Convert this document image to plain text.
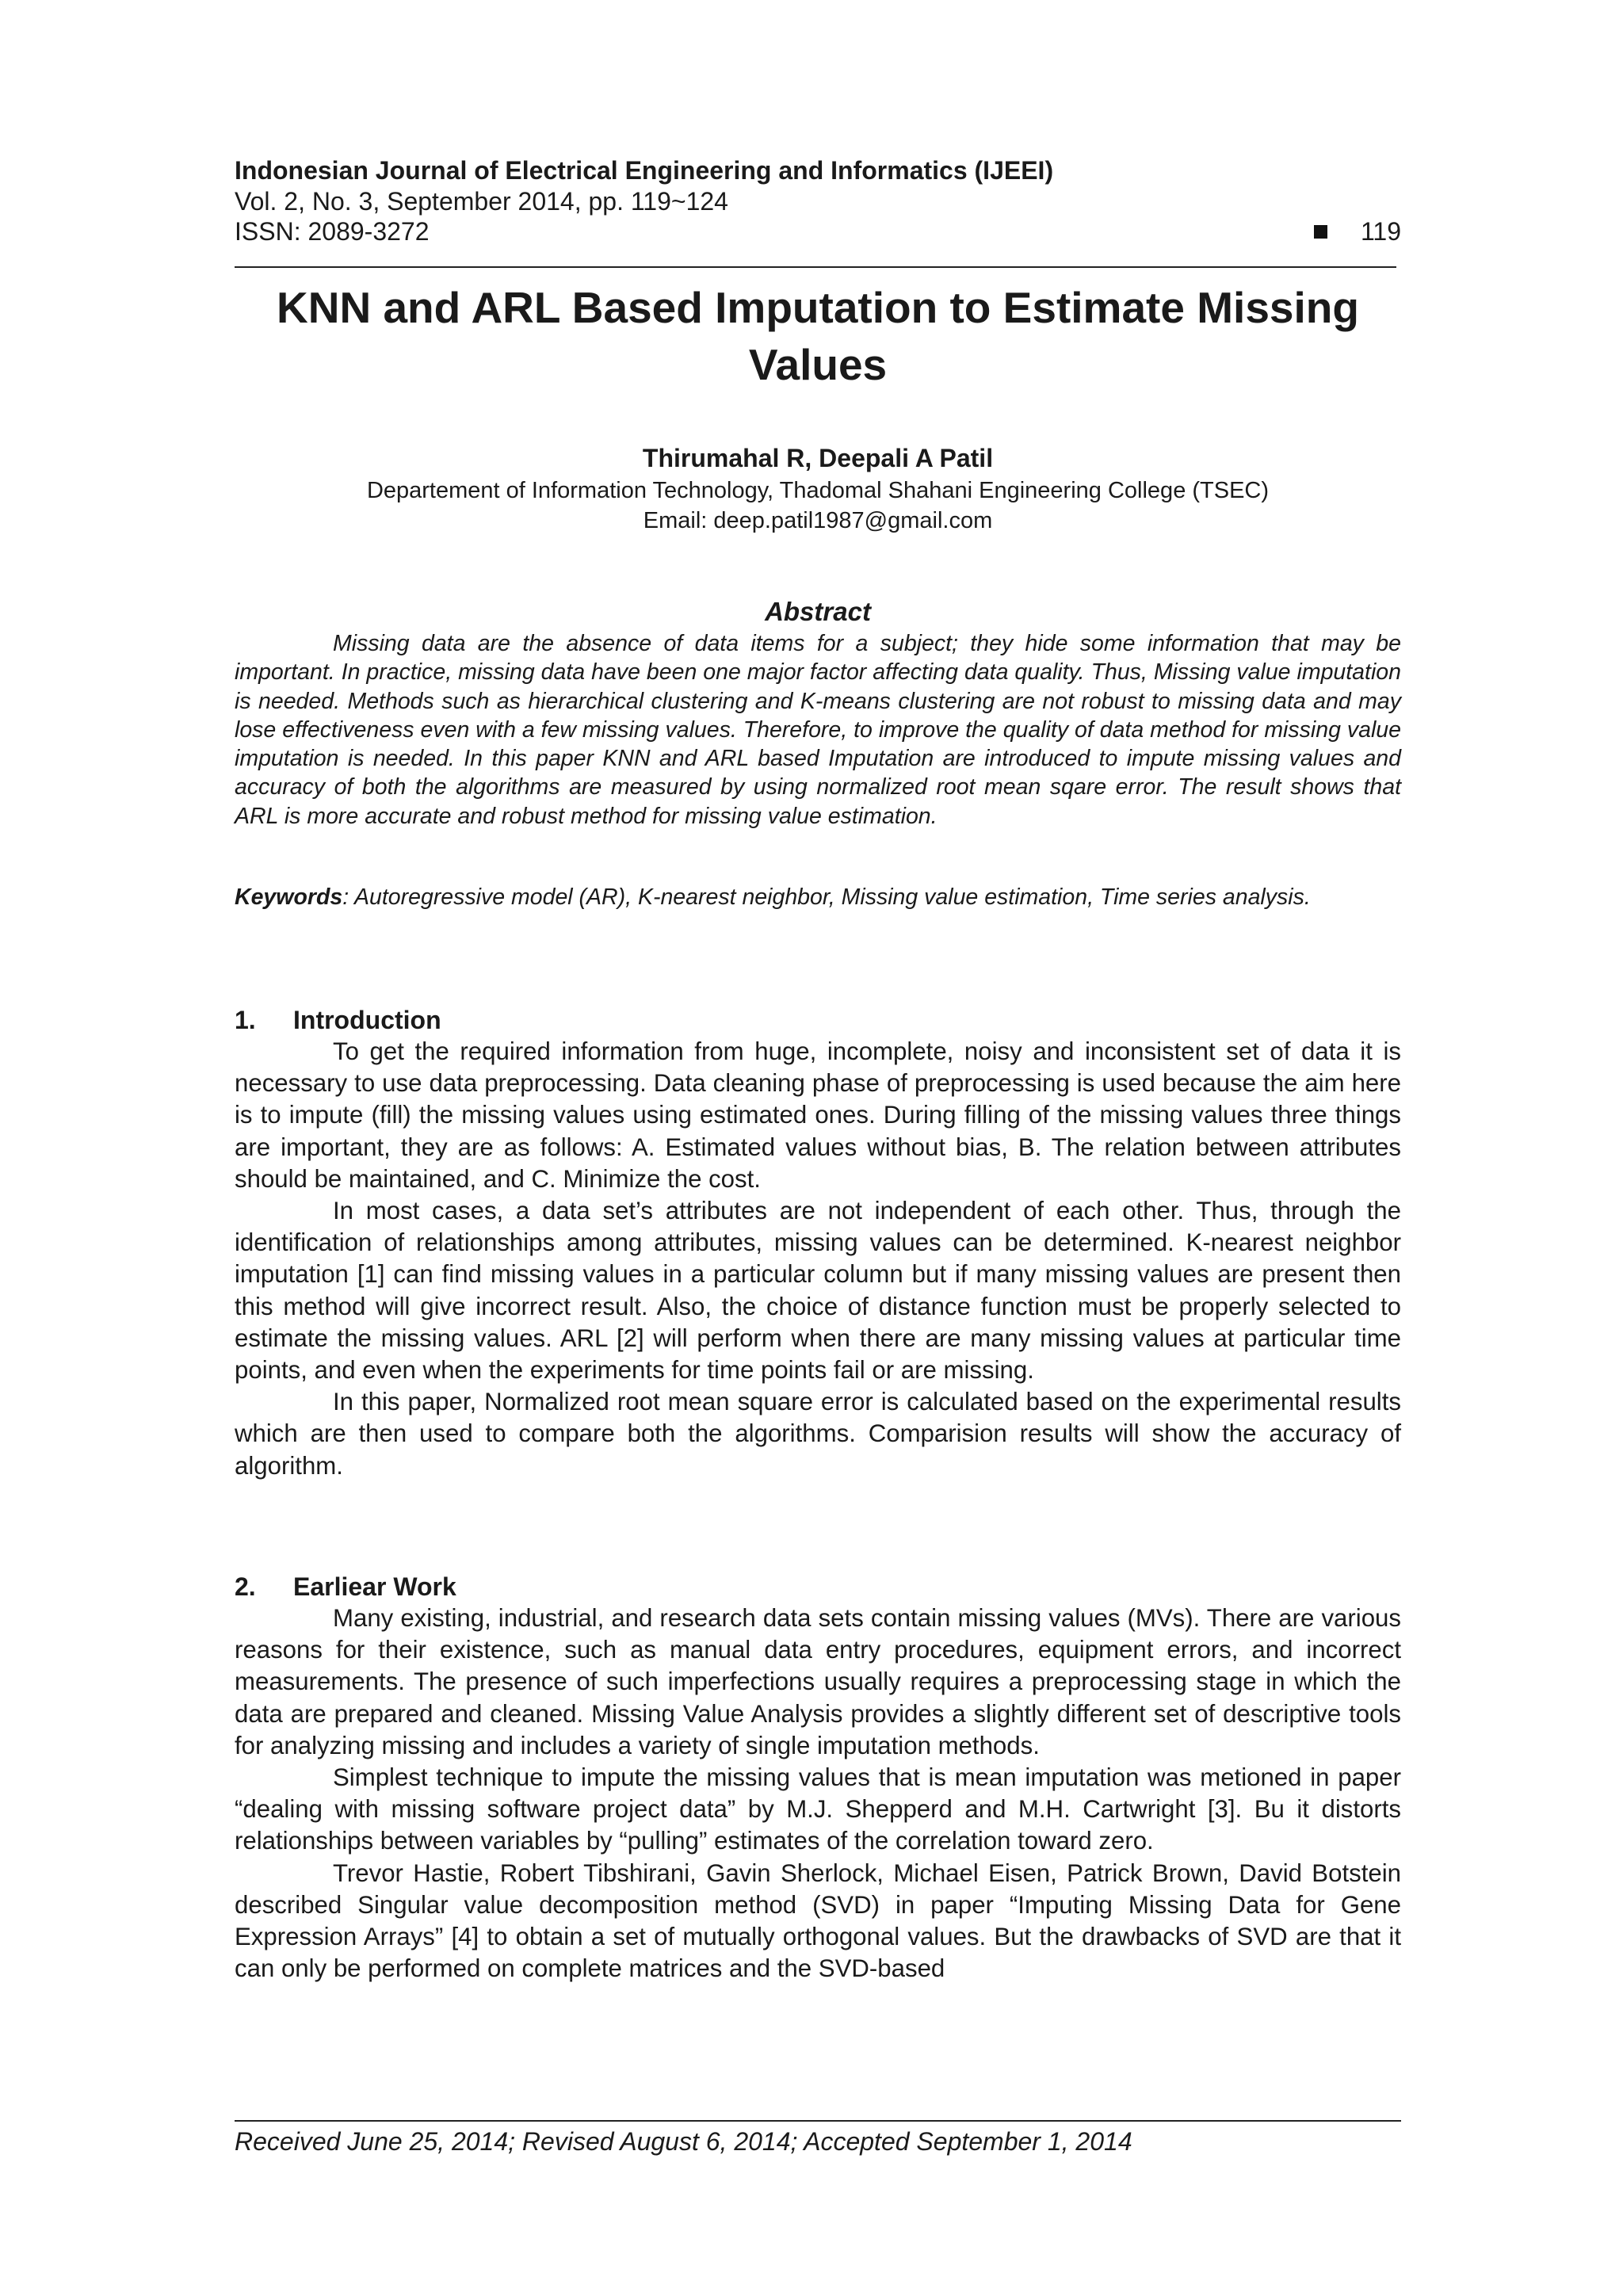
Indonesian Journal of Electrical Engineering and Informatics (IJEEI)
Vol. 2, No. 3, September 2014, pp. 119~124
ISSN: 2089-3272	119
KNN and ARL Based Imputation to Estimate Missing
Values
Thirumahal R, Deepali A Patil
Departement of Information Technology, Thadomal Shahani Engineering College (TSEC)
Email: deep.patil1987@gmail.com
Abstract
Missing data are the absence of data items for a subject; they hide some information that may be important. In practice, missing data have been one major factor affecting data quality. Thus, Missing value imputation is needed. Methods such as hierarchical clustering and K-means clustering are not robust to missing data and may lose effectiveness even with a few missing values. Therefore, to improve the quality of data method for missing value imputation is needed. In this paper KNN and ARL based Imputation are introduced to impute missing values and accuracy of both the algorithms are measured by using normalized root mean sqare error. The result shows that ARL is more accurate and robust method for missing value estimation.
Keywords: Autoregressive model (AR), K-nearest neighbor, Missing value estimation, Time series analysis.
1. Introduction

To get the required information from huge, incomplete, noisy and inconsistent set of data it is necessary to use data preprocessing. Data cleaning phase of preprocessing is used because the aim here is to impute (fill) the missing values using estimated ones. During filling of the missing values three things are important, they are as follows: A. Estimated values without bias, B. The relation between attributes should be maintained, and C. Minimize the cost.

In most cases, a data set’s attributes are not independent of each other. Thus, through the identification of relationships among attributes, missing values can be determined. K-nearest neighbor imputation [1] can find missing values in a particular column but if many missing values are present then this method will give incorrect result. Also, the choice of distance function must be properly selected to estimate the missing values. ARL [2] will perform when there are many missing values at particular time points, and even when the experiments for time points fail or are missing.

In this paper, Normalized root mean square error is calculated based on the experimental results which are then used to compare both the algorithms. Comparision results will show the accuracy of algorithm.

2. Earliear Work

Many existing, industrial, and research data sets contain missing values (MVs). There are various reasons for their existence, such as manual data entry procedures, equipment errors, and incorrect measurements. The presence of such imperfections usually requires a preprocessing stage in which the data are prepared and cleaned. Missing Value Analysis provides a slightly different set of descriptive tools for analyzing missing and includes a variety of single imputation methods.

Simplest technique to impute the missing values that is mean imputation was metioned in paper “dealing with missing software project data” by M.J. Shepperd and M.H. Cartwright [3]. Bu it distorts relationships between variables by “pulling” estimates of the correlation toward zero.

Trevor Hastie, Robert Tibshirani, Gavin Sherlock, Michael Eisen, Patrick Brown, David Botstein described Singular value decomposition method (SVD) in paper “Imputing Missing Data for Gene Expression Arrays” [4] to obtain a set of mutually orthogonal values. But the drawbacks of SVD are that it can only be performed on complete matrices and the SVD-based

Received June 25, 2014; Revised August 6, 2014; Accepted September 1, 2014
